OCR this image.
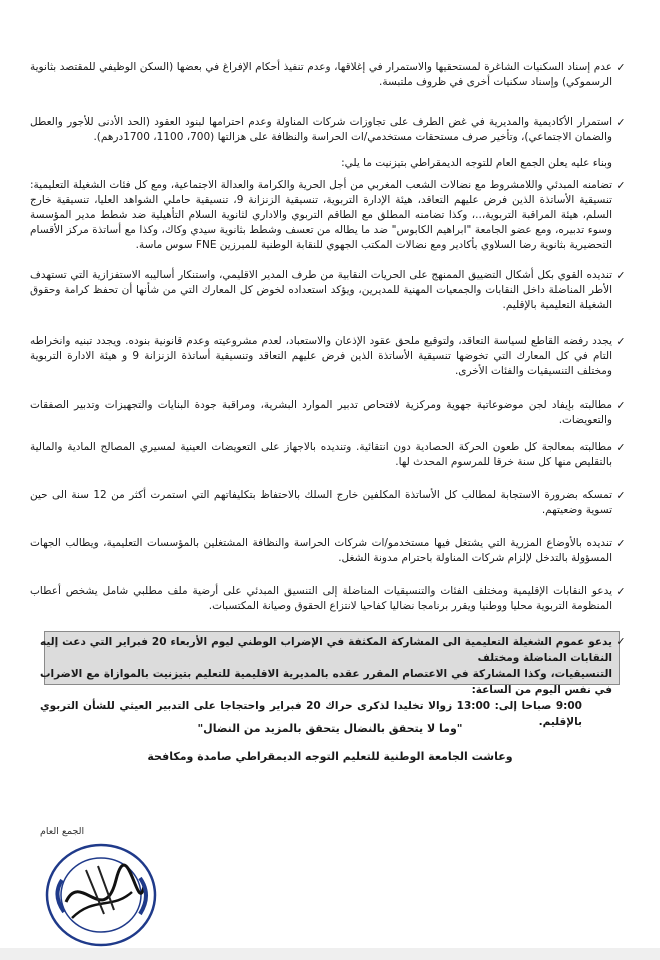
✓
عدم إسناد السكنيات الشاغرة لمستحقيها والاستمرار في إغلاقها، وعدم تنفيذ أحكام الإفراغ في بعضها (السكن الوظيفي للمقتصد بثانوية الرسموكي) وإسناد سكنيات أخرى في ظروف ملتبسة.
✓
استمرار الأكاديمية والمديرية في غض الطرف على تجاوزات شركات المناولة وعدم احترامها لبنود العقود (الحد الأدنى للأجور والعطل والضمان الاجتماعي)، وتأخير صرف مستحقات مستخدمي/ات الحراسة والنظافة على هزالتها (700، 1100، 1700درهم).
وبناء عليه يعلن الجمع العام للتوجه الديمقراطي بتيزنيت ما يلي:
✓
تضامنه المبدئي واللامشروط مع نضالات الشعب المغربي من أجل الحرية والكرامة والعدالة الاجتماعية، ومع كل فئات الشغيلة التعليمية: تنسيقية الأساتذة الذين فرض عليهم التعاقد، هيئة الإدارة التربوية، تنسيقية الزنزانة 9، تنسيقية حاملي الشواهد العليا، تنسيقية خارج السلم، هيئة المراقبة التربوية،..، وكذا تضامنه المطلق مع الطاقم التربوي والاداري لثانوية السلام التأهيلية ضد شطط مدير المؤسسة وسوء تدبيره، ومع عضو الجامعة "ابراهيم الكابوس" ضد ما يطاله من تعسف وشطط بثانوية سيدي وكاك، وكذا مع أساتذة مركز الأقسام التحضيرية بثانوية رضا السلاوي بأكادير ومع نضالات المكتب الجهوي للنقابة الوطنية للمبرزين FNE سوس ماسة.
✓
تنديده القوي بكل أشكال التضييق الممنهج على الحريات النقابية من طرف المدير الاقليمي، واستنكار أساليبه الاستفزازية التي تستهدف الأطر المناضلة داخل النقابات والجمعيات المهنية للمديرين، ويؤكد استعداده لخوض كل المعارك التي من شأنها أن تحفظ كرامة وحقوق الشغيلة التعليمية بالإقليم.
✓
يجدد رفضه القاطع لسياسة التعاقد، ولتوقيع ملحق عقود الإذعان والاستعباد، لعدم مشروعيته وعدم قانونية بنوده. ويجدد تبنيه وانخراطه التام في كل المعارك التي تخوضها تنسيقية الأساتذة الذين فرض عليهم التعاقد وتنسيقية أساتذة الزنزانة 9 و هيئة الادارة التربوية ومختلف التنسيقيات والفئات الأخرى.
✓
مطالبته بإيفاد لجن موضوعاتية جهوية ومركزية لافتحاص تدبير الموارد البشرية، ومراقبة جودة البنايات والتجهيزات وتدبير الصفقات والتعويضات.
✓
مطالبته بمعالجة كل طعون الحركة الحصادية دون انتقائية. وتنديده بالاجهاز على التعويضات العينية لمسيري المصالح المادية والمالية بالتقليص منها كل سنة خرقا للمرسوم المحدث لها.
✓
تمسكه بضرورة الاستجابة لمطالب كل الأساتذة المكلفين خارج السلك بالاحتفاظ بتكليفاتهم التي استمرت أكثر من 12 سنة الى حين تسوية وضعيتهم.
✓
تنديده بالأوضاع المزرية التي يشتغل فيها مستخدمو/ات شركات الحراسة والنظافة المشتغلين بالمؤسسات التعليمية، ويطالب الجهات المسؤولة بالتدخل لإلزام شركات المناولة باحترام مدونة الشغل.
✓
يدعو النقابات الإقليمية ومختلف الفئات والتنسيقيات المناضلة إلى التنسيق المبدئي على أرضية ملف مطلبي شامل يشخص أعطاب المنظومة التربوية محليا ووطنيا ويقرر برنامجا نضاليا كفاحيا لانتزاع الحقوق وصيانة المكتسبات.
✓
يدعو عموم الشغيلة التعليمية الى المشاركة المكثفة في الإضراب الوطني ليوم الأربعاء 20 فبراير التي دعت إليه النقابات المناضلة ومختلف
التنسيقيات، وكذا المشاركة في الاعتصام المقرر عقده بالمديرية الاقليمية للتعليم بتيزنيت بالموازاة مع الاضراب في نفس اليوم من الساعة:
9:00 صباحا إلى: 13:00 زوالا تخليدا لذكرى حراك 20 فبراير واحتجاجا على التدبير العيثي للشأن التربوي بالإقليم.
"وما لا يتحقق بالنضال يتحقق بالمزيد من النضال"
وعاشت الجامعة الوطنية للتعليم التوجه الديمقراطي صامدة ومكافحة
الجمع العام
